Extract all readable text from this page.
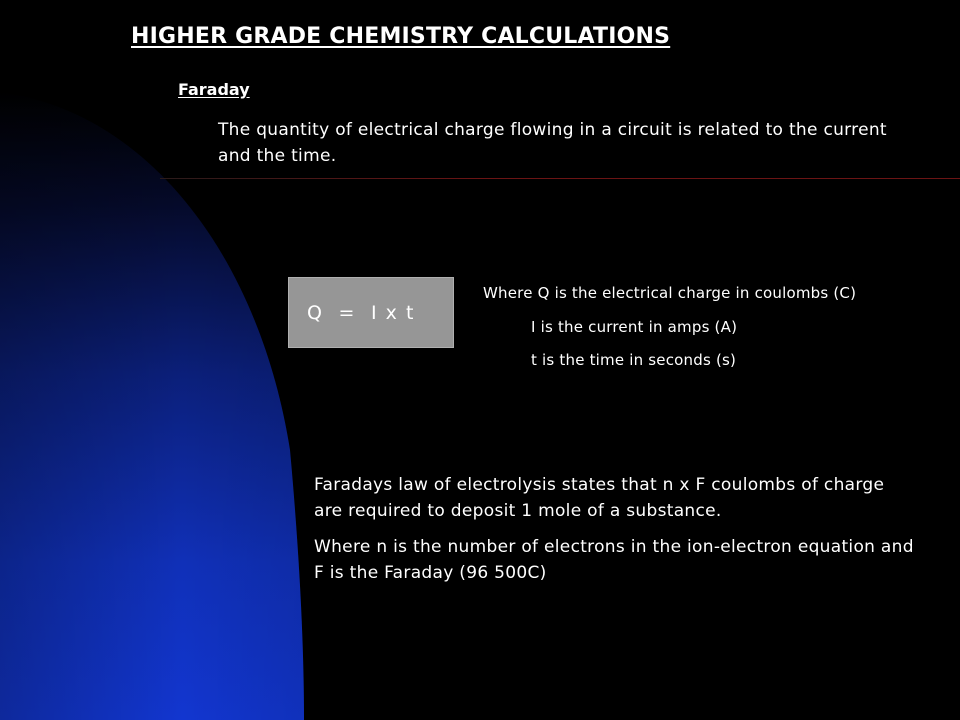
HIGHER GRADE CHEMISTRY CALCULATIONS
Faraday
The quantity of electrical charge flowing in a circuit is related to the current and the time.
Q  =  I x t
Where Q is the electrical charge in coulombs (C)
I is the current in amps (A)
t is the time in seconds (s)

Faradays law of electrolysis states that n x F coulombs of charge are required to deposit 1 mole of a substance.

Where n is the number of electrons in the ion-electron equation and F is the Faraday (96 500C)
